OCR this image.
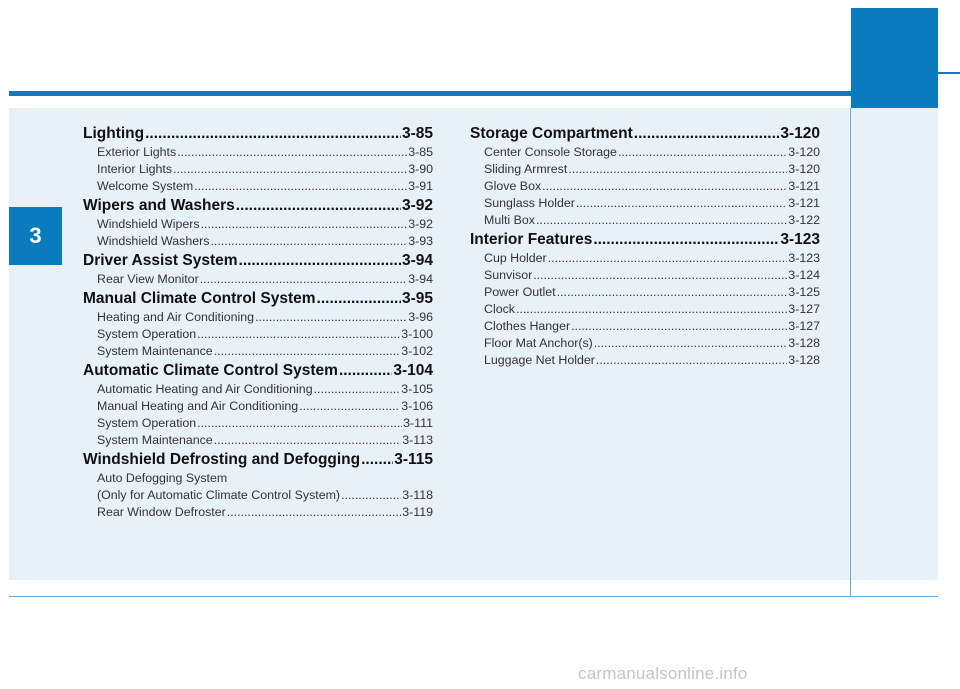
3
Lighting .....	3-85
Exterior Lights .....	3-85
Interior Lights .....	3-90
Welcome System .....	3-91
Wipers and Washers .....	3-92
Windshield Wipers .....	3-92
Windshield Washers .....	3-93
Driver Assist System .....	3-94
Rear View Monitor .....	3-94
Manual Climate Control System .....	3-95
Heating and Air Conditioning .....	3-96
System Operation .....	3-100
System Maintenance .....	3-102
Automatic Climate Control System .....	3-104
Automatic Heating and Air Conditioning .....	3-105
Manual Heating and Air Conditioning .....	3-106
System Operation .....	3-111
System Maintenance .....	3-113
Windshield Defrosting and Defogging ..... 3-115
Auto Defogging System
(Only for Automatic Climate Control System) .....	3-118
Rear Window Defroster .....	3-119
Storage Compartment .....	3-120
Center Console Storage .....	3-120
Sliding Armrest .....	3-120
Glove Box .....	3-121
Sunglass Holder .....	3-121
Multi Box .....	3-122
Interior Features .....	3-123
Cup Holder .....	3-123
Sunvisor .....	3-124
Power Outlet .....	3-125
Clock .....	3-127
Clothes Hanger .....	3-127
Floor Mat Anchor(s) .....	3-128
Luggage Net Holder .....	3-128
carmanualsonline.info
